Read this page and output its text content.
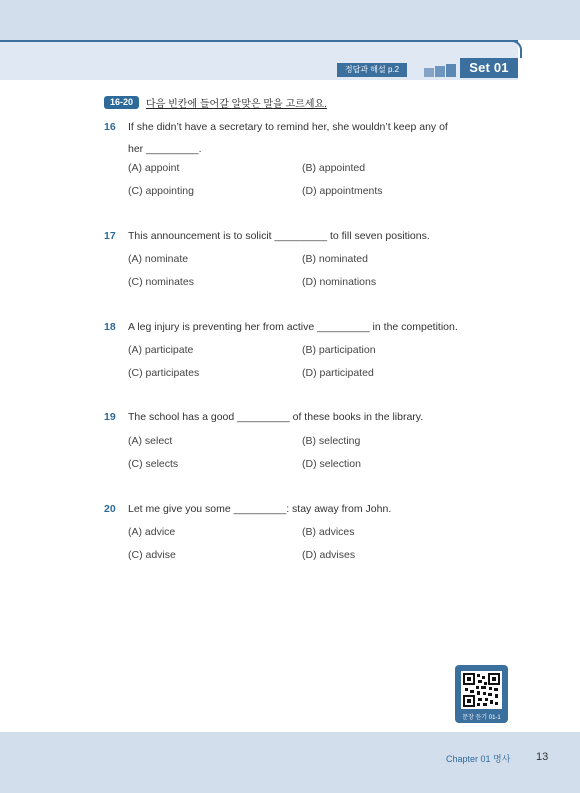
정답과 해설 p.2	Set 01
16-20	다음 빈칸에 들어갈 알맞은 말을 고르세요.
16 If she didn’t have a secretary to remind her, she wouldn’t keep any of
her _________.
(A) appoint	(B) appointed
(C) appointing	(D) appointments
17 This announcement is to solicit _________ to fill seven positions.
(A) nominate	(B) nominated
(C) nominates	(D) nominations
18 A leg injury is preventing her from active _________ in the competition.
(A) participate	(B) participation
(C) participates	(D) participated
19 The school has a good _________ of these books in the library.
(A) select	(B) selecting
(C) selects	(D) selection
20 Let me give you some _________: stay away from John.
(A) advice	(B) advices
(C) advise	(D) advises
문장 듣기 01-1
Chapter 01 명사 13
